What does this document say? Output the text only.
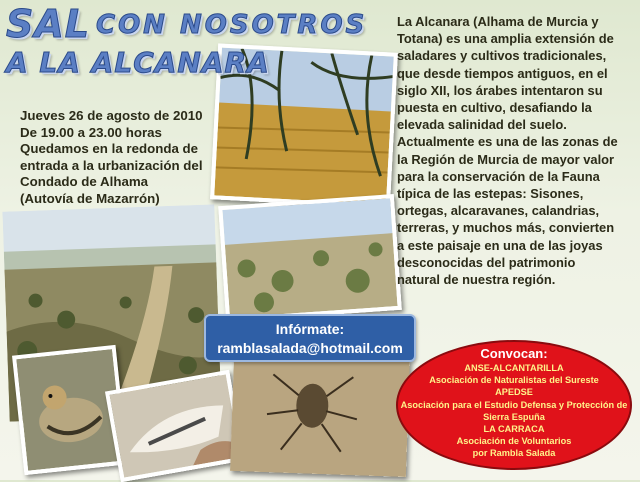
SAL CON NOSOTROS
A LA ALCANARA
Jueves 26 de agosto de 2010
De 19.00 a 23.00 horas
Quedamos en la redonda de
entrada a la urbanización del
Condado de Alhama
(Autovía de Mazarrón)
La Alcanara (Alhama de Murcia y
Totana) es una amplia extensión de
saladares y cultivos tradicionales,
que desde tiempos antiguos, en el
siglo XII, los árabes intentaron su
puesta en cultivo, desafiando la
elevada salinidad del suelo.
Actualmente es una de las zonas de
la Región de Murcia de mayor valor
para la conservación de la Fauna
típica de las estepas: Sisones,
ortegas, alcaravanes, calandrias,
terreras, y muchos más, convierten
a este paisaje en una de las joyas
desconocidas del patrimonio
natural de nuestra región.
Infórmate:
ramblasalada@hotmail.com	Convocan:
ANSE-ALCANTARILLA
Asociación de Naturalistas del Sureste
APEDSE
Asociación para el Estudio Defensa y Protección de
Sierra Espuña
LA CARRACA
Asociación de Voluntarios
por Rambla Salada
